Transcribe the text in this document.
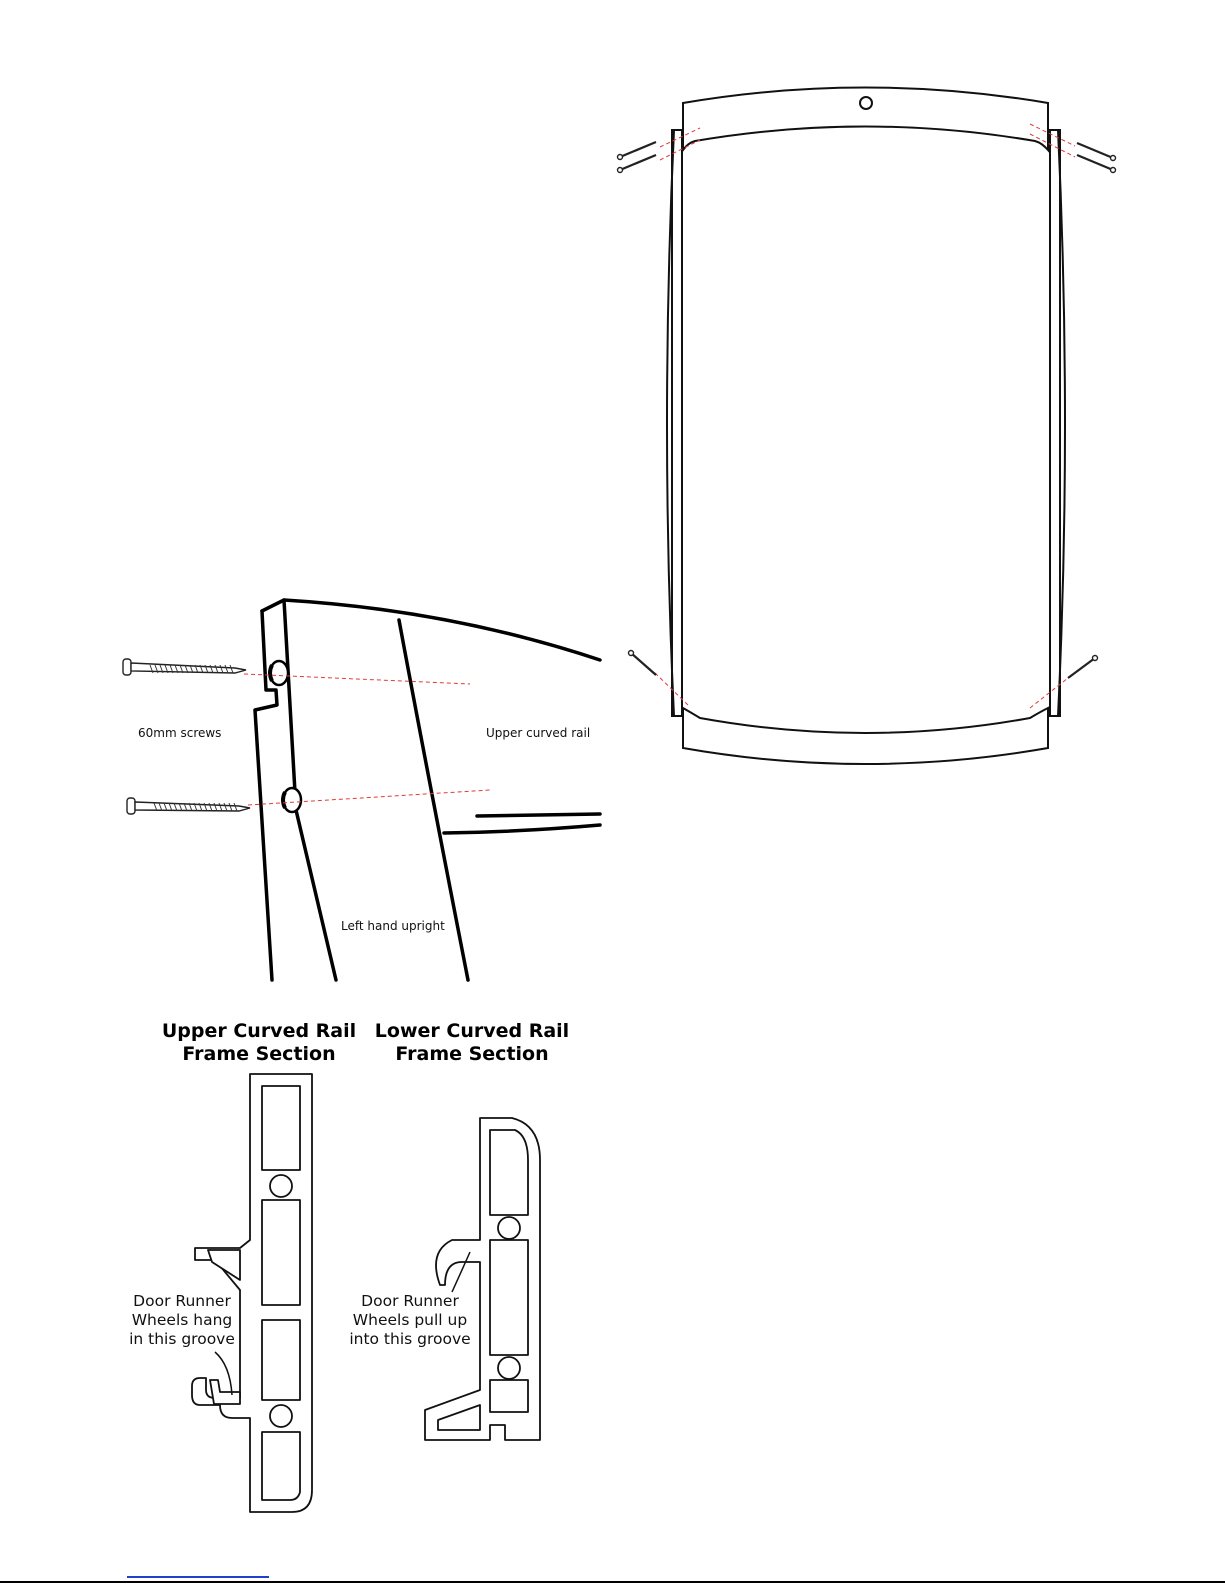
60mm screws	Upper curved rail
Left hand upright
Upper Curved Rail
Frame Section
Lower Curved Rail
Frame Section
Door Runner
Wheels hang
in this groove
Door Runner
Wheels pull up
into this groove
